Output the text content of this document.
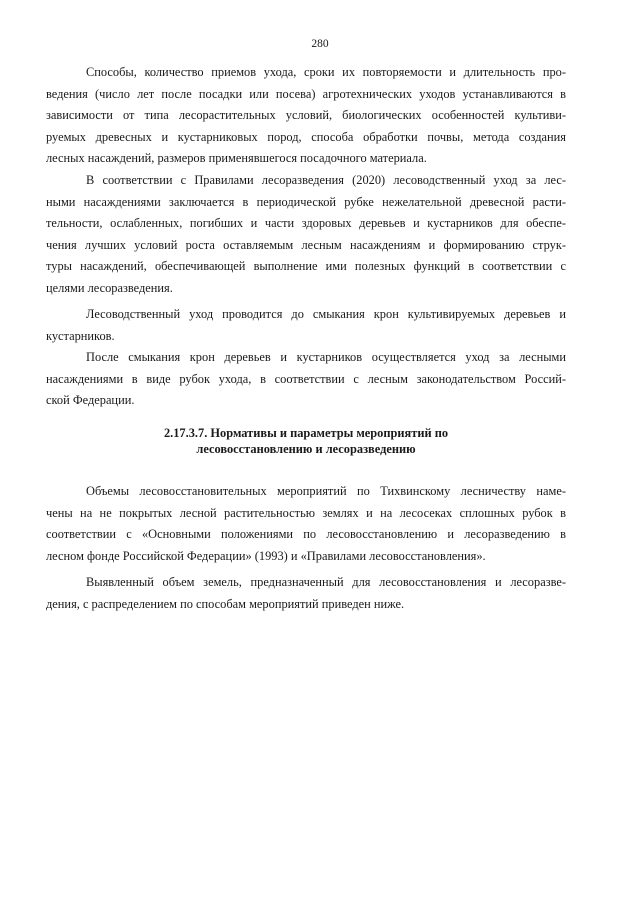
280
Способы, количество приемов ухода, сроки их повторяемости и длительность про-
ведения (число лет после посадки или посева) агротехнических уходов устанавливаются в
зависимости от типа лесорастительных условий, биологических особенностей культиви-
руемых древесных и кустарниковых пород, способа обработки почвы, метода создания
лесных насаждений, размеров применявшегося посадочного материала.
В соответствии с Правилами лесоразведения (2020) лесоводственный уход за лес-
ными насаждениями заключается в периодической рубке нежелательной древесной расти-
тельности, ослабленных, погибших и части здоровых деревьев и кустарников для обеспе-
чения лучших условий роста оставляемым лесным насаждениям и формированию струк-
туры насаждений, обеспечивающей выполнение ими полезных функций в соответствии с
целями лесоразведения.
Лесоводственный уход проводится до смыкания крон культивируемых деревьев и
кустарников.
После смыкания крон деревьев и кустарников осуществляется уход за лесными
насаждениями в виде рубок ухода, в соответствии с лесным законодательством Россий-
ской Федерации.
2.17.3.7. Нормативы и параметры мероприятий по
лесовосстановлению и лесоразведению
Объемы лесовосстановительных мероприятий по Тихвинскому лесничеству наме-
чены на не покрытых лесной растительностью землях и на лесосеках сплошных рубок в
соответствии с «Основными положениями по лесовосстановлению и лесоразведению в
лесном фонде Российской Федерации» (1993) и «Правилами лесовосстановления».
Выявленный объем земель, предназначенный для лесовосстановления и лесоразве-
дения, с распределением по способам мероприятий приведен ниже.
